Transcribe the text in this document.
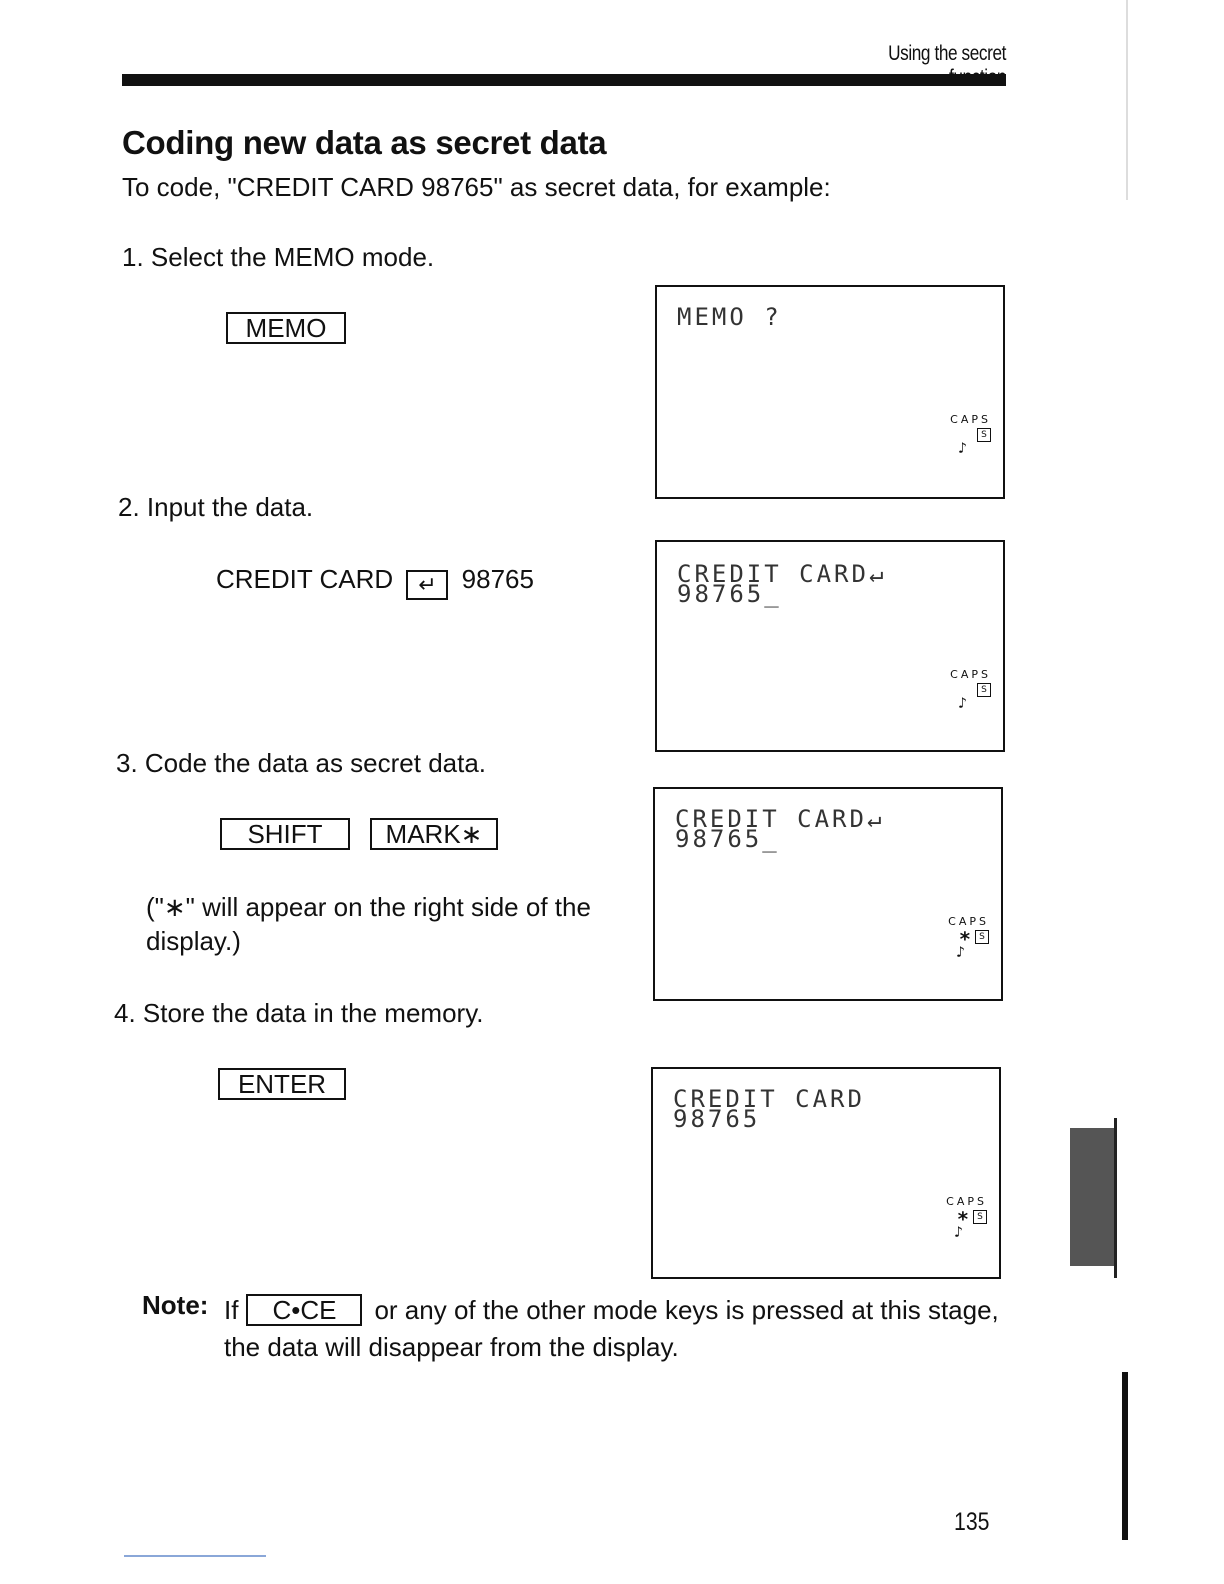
Using the secret
Coding new data as secret data
To code, "CREDIT CARD 98765" as secret data, for example:
1. Select the MEMO mode.
MEMO
2. Input the data.
CREDIT CARD ↵ 98765
3. Code the data as secret data.
SHIFT	MARK∗
("∗" will appear on the right side of the display.)
4. Store the data in the memory.
ENTER
MEMO ?
CAPS
S
♪
CREDIT CARD↵
98765_
CAPS
S
♪
CREDIT CARD↵
98765_
CAPS
∗ S
♪
CREDIT CARD
98765
CAPS
∗ S
♪
Note: If C•CE or any of the other mode keys is pressed at this stage, the data will disappear from the display.
135
